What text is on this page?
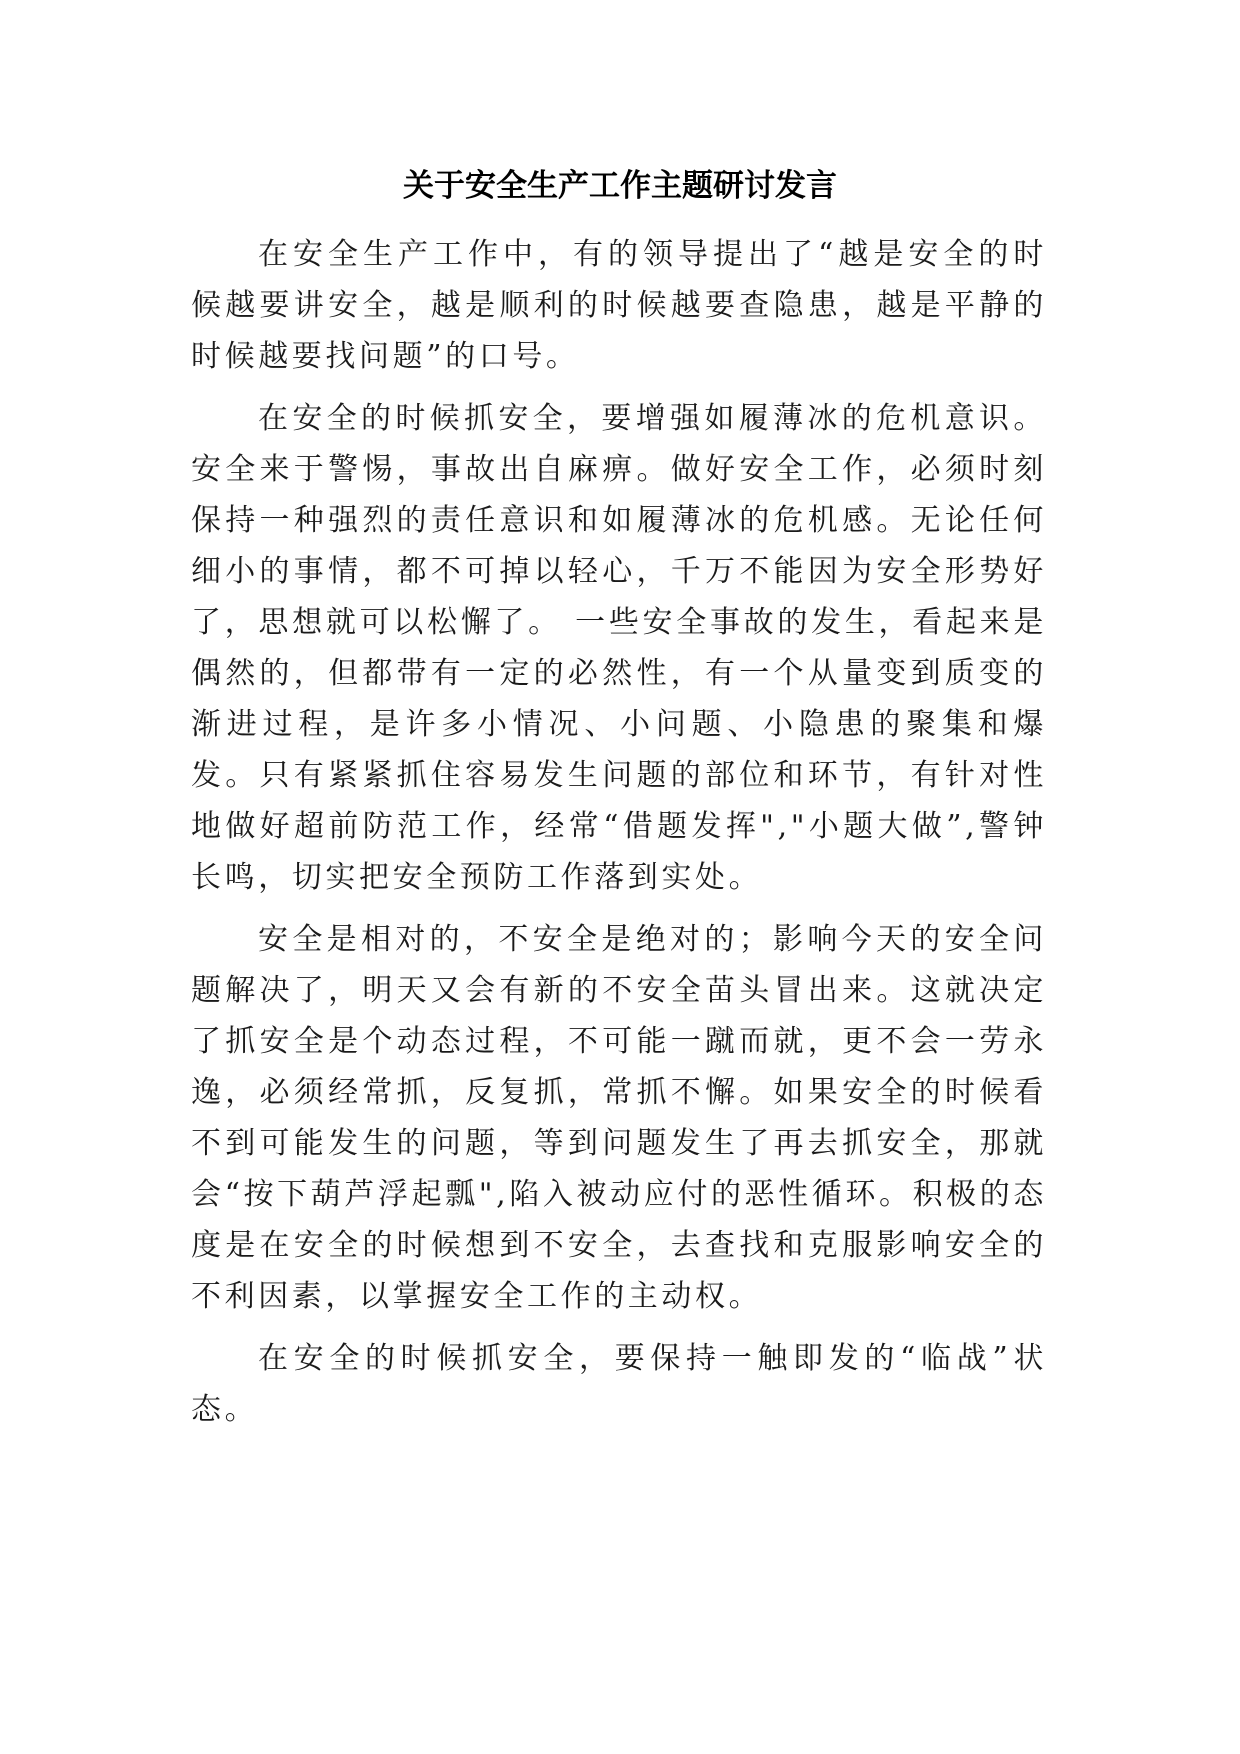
关于安全生产工作主题研讨发言

在安全生产工作中，有的领导提出了“越是安全的时候越要讲安全，越是顺利的时候越要查隐患，越是平静的时候越要找问题”的口号。

在安全的时候抓安全，要增强如履薄冰的危机意识。安全来于警惕，事故出自麻痹。做好安全工作，必须时刻保持一种强烈的责任意识和如履薄冰的危机感。无论任何细小的事情，都不可掉以轻心，千万不能因为安全形势好了，思想就可以松懈了。 一些安全事故的发生，看起来是偶然的，但都带有一定的必然性，有一个从量变到质变的渐进过程，是许多小情况、小问题、小隐患的聚集和爆发。只有紧紧抓住容易发生问题的部位和环节，有针对性地做好超前防范工作，经常“借题发挥","小题大做”,警钟长鸣，切实把安全预防工作落到实处。

安全是相对的，不安全是绝对的；影响今天的安全问题解决了，明天又会有新的不安全苗头冒出来。这就决定了抓安全是个动态过程，不可能一蹴而就，更不会一劳永逸，必须经常抓，反复抓，常抓不懈。如果安全的时候看不到可能发生的问题，等到问题发生了再去抓安全，那就会“按下葫芦浮起瓢",陷入被动应付的恶性循环。积极的态度是在安全的时候想到不安全，去查找和克服影响安全的不利因素，以掌握安全工作的主动权。

在安全的时候抓安全，要保持一触即发的“临战”状态。
